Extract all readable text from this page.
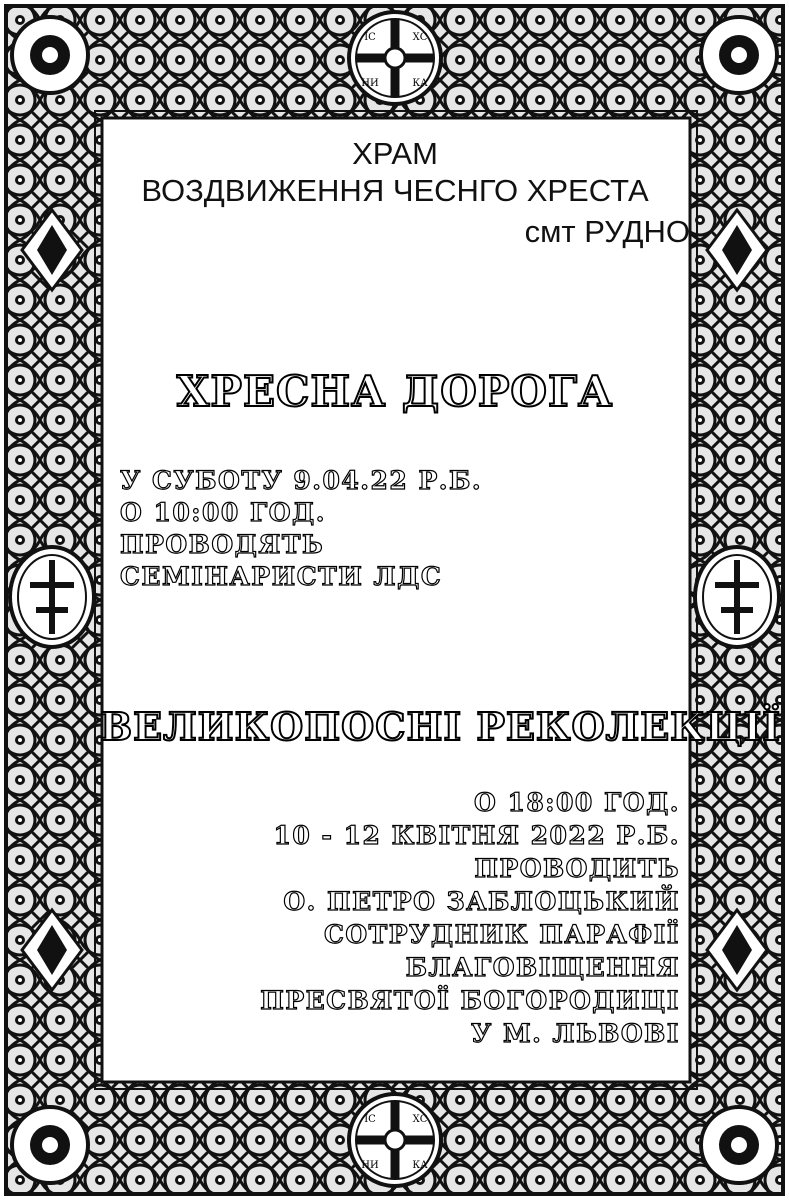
ІС	ХС
НИ	КА
ІС	ХС
НИ	КА
ХРАМ
ВОЗДВИЖЕННЯ ЧЕСНГО ХРЕСТА
смт РУДНО
ХРЕСНА ДОРОГА
У СУБОТУ 9.04.22 Р.Б.
О 10:00 ГОД.
ПРОВОДЯТЬ
СЕМІНАРИСТИ ЛДС
ВЕЛИКОПОСНІ РЕКОЛЕКЦІЇ
О 18:00 ГОД.
10 - 12 КВІТНЯ 2022 Р.Б.
ПРОВОДИТЬ
О. ПЕТРО ЗАБЛОЦЬКИЙ
СОТРУДНИК ПАРАФІЇ
БЛАГОВІЩЕННЯ
ПРЕСВЯТОЇ БОГОРОДИЦІ
У М. ЛЬВОВІ
